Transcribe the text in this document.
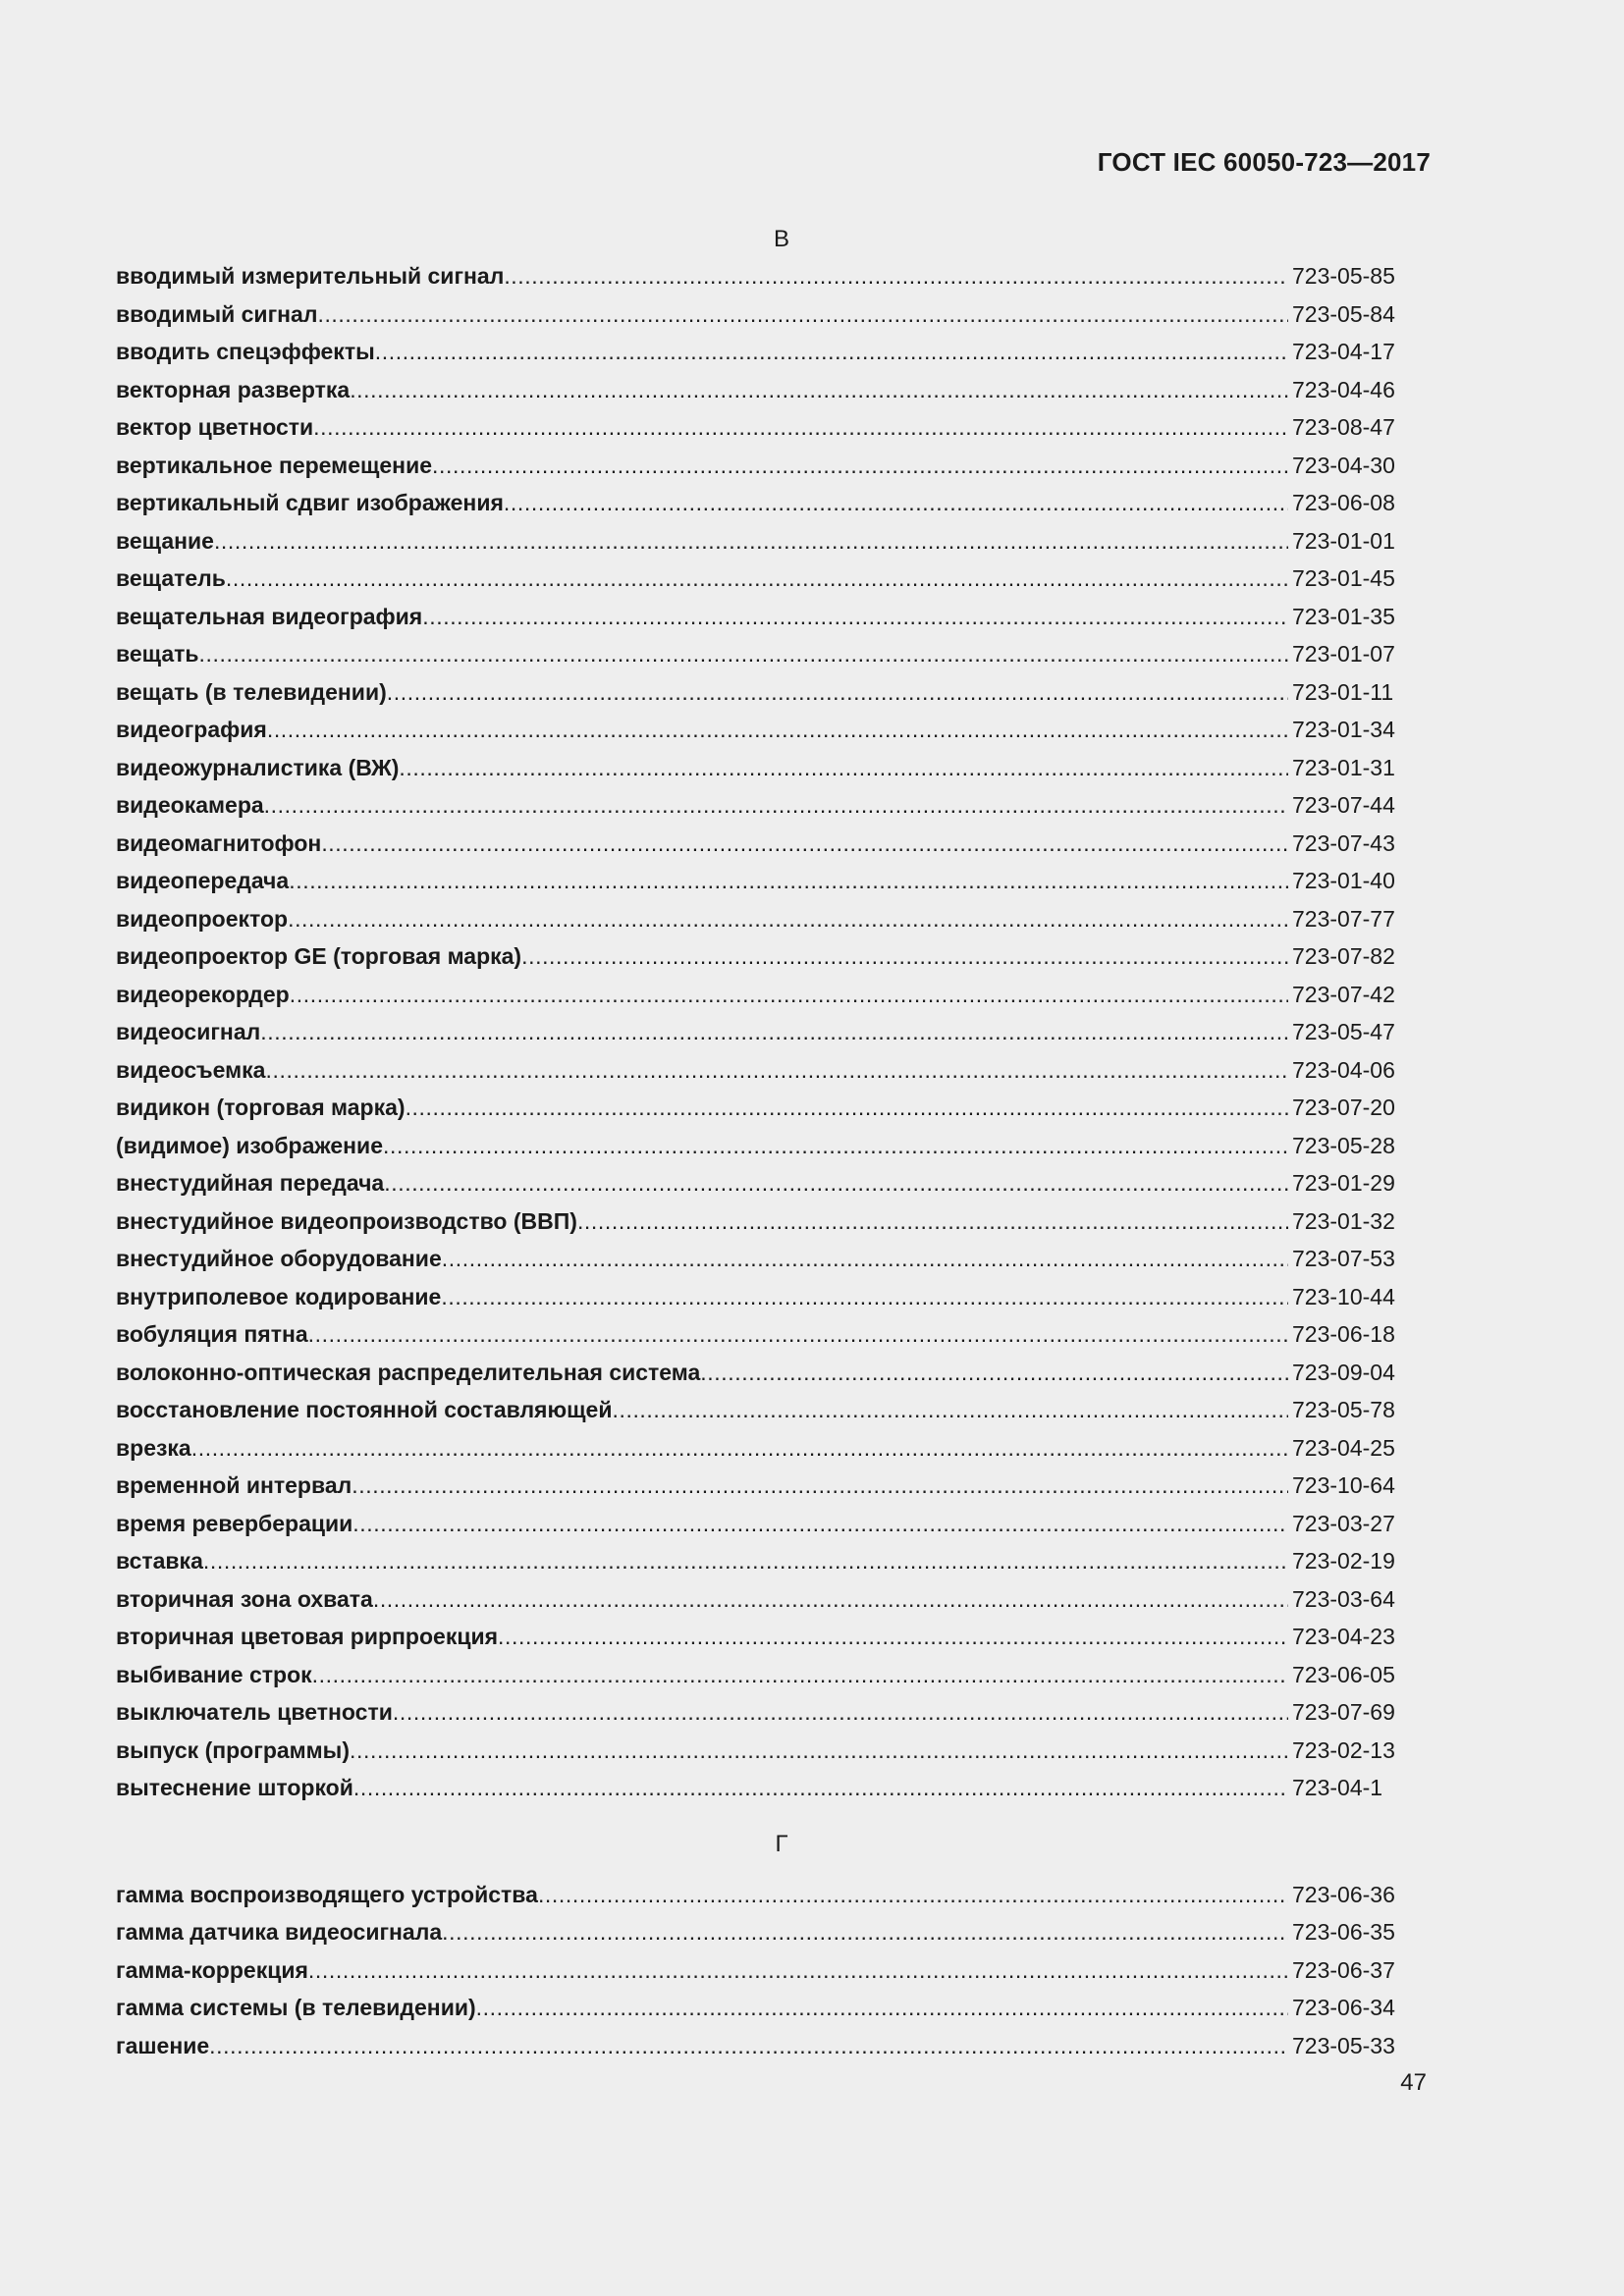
ГОСТ IEC 60050-723—2017
В
вводимый измерительный сигнал .....	723-05-85
вводимый сигнал .....	723-05-84
вводить спецэффекты .....	723-04-17
векторная развертка .....	723-04-46
вектор цветности .....	723-08-47
вертикальное перемещение .....	723-04-30
вертикальный сдвиг изображения .....	723-06-08
вещание .....	723-01-01
вещатель .....	723-01-45
вещательная видеография .....	723-01-35
вещать .....	723-01-07
вещать (в телевидении) .....	723-01-11
видеография .....	723-01-34
видеожурналистика (ВЖ) .....	723-01-31
видеокамера .....	723-07-44
видеомагнитофон .....	723-07-43
видеопередача .....	723-01-40
видеопроектор .....	723-07-77
видеопроектор GE (торговая марка) .....	723-07-82
видеорекордер .....	723-07-42
видеосигнал .....	723-05-47
видеосъемка .....	723-04-06
видикон (торговая марка) .....	723-07-20
(видимое) изображение .....	723-05-28
внестудийная передача .....	723-01-29
внестудийное видеопроизводство (ВВП) .....	723-01-32
внестудийное оборудование .....	723-07-53
внутриполевое кодирование .....	723-10-44
вобуляция пятна .....	723-06-18
волоконно-оптическая распределительная система .....	723-09-04
восстановление постоянной составляющей .....	723-05-78
врезка .....	723-04-25
временной интервал .....	723-10-64
время реверберации .....	723-03-27
вставка .....	723-02-19
вторичная зона охвата .....	723-03-64
вторичная цветовая рирпроекция .....	723-04-23
выбивание строк .....	723-06-05
выключатель цветности .....	723-07-69
выпуск (программы) .....	723-02-13
вытеснение шторкой .....	723-04-1
Г
гамма воспроизводящего устройства .....	723-06-36
гамма датчика видеосигнала .....	723-06-35
гамма-коррекция .....	723-06-37
гамма системы (в телевидении) .....	723-06-34
гашение .....	723-05-33
47
